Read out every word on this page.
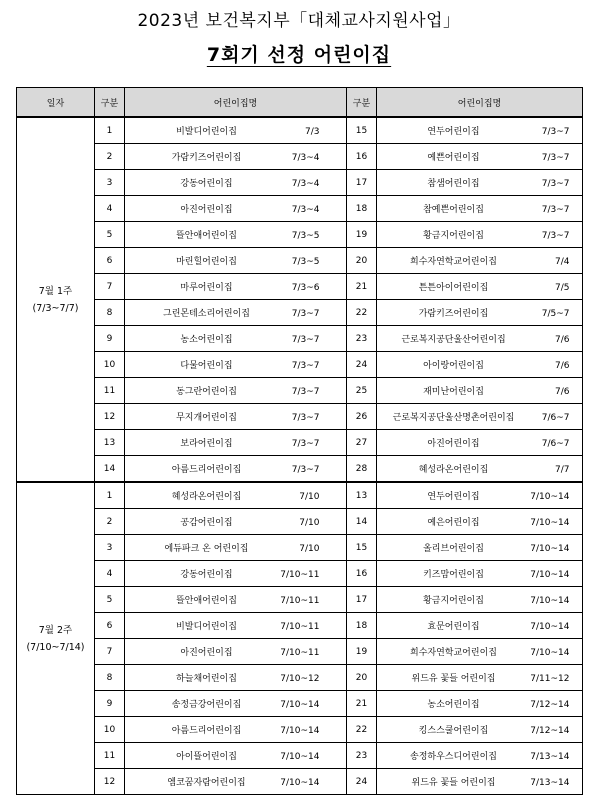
2023년 보건복지부「대체교사지원사업」
7회기 선정 어린이집
일자	구분	어린이집명	구분	어린이집명

7월 1주
(7/3~7/7)	1	비발디어린이집 7/3	15	연두어린이집 7/3~7
	2	가람키즈어린이집 7/3~4	16	예쁜어린이집 7/3~7
	3	강동어린이집 7/3~4	17	참샘어린이집 7/3~7
	4	아진어린이집 7/3~4	18	참예쁜어린이집 7/3~7
	5	뜰안애어린이집 7/3~5	19	황금지어린이집 7/3~7
	6	마린힐어린이집 7/3~5	20	희수자연학교어린이집 7/4
	7	마루어린이집 7/3~6	21	튼튼아이어린이집 7/5
	8	그린몬테소리어린이집 7/3~7	22	가람키즈어린이집 7/5~7
	9	농소어린이집 7/3~7	23	근로복지공단울산어린이집 7/6
	10	다물어린이집 7/3~7	24	아이랑어린이집 7/6
	11	동그란어린이집 7/3~7	25	재미난어린이집 7/6
	12	무지개어린이집 7/3~7	26	근로복지공단울산명촌어린이집 7/6~7
	13	보라어린이집 7/3~7	27	아진어린이집 7/6~7
	14	아름드리어린이집 7/3~7	28	혜성라온어린이집 7/7

7월 2주
(7/10~7/14)	1	혜성라온어린이집 7/10	13	연두어린이집 7/10~14
	2	공감어린이집 7/10	14	예은어린이집 7/10~14
	3	에듀파크 온 어린이집 7/10	15	올리브어린이집 7/10~14
	4	강동어린이집 7/10~11	16	키즈맘어린이집 7/10~14
	5	뜰안애어린이집 7/10~11	17	황금지어린이집 7/10~14
	6	비발디어린이집 7/10~11	18	효문어린이집 7/10~14
	7	아진어린이집 7/10~11	19	희수자연학교어린이집 7/10~14
	8	하늘채어린이집 7/10~12	20	위드유 꽃들 어린이집 7/11~12
	9	송정금강어린이집 7/10~14	21	농소어린이집 7/12~14
	10	아름드리어린이집 7/10~14	22	킹스스쿨어린이집 7/12~14
	11	아이뜰어린이집 7/10~14	23	송정하우스디어린이집 7/13~14
	12	엠코꿈자람어린이집 7/10~14	24	위드유 꽃들 어린이집 7/13~14
